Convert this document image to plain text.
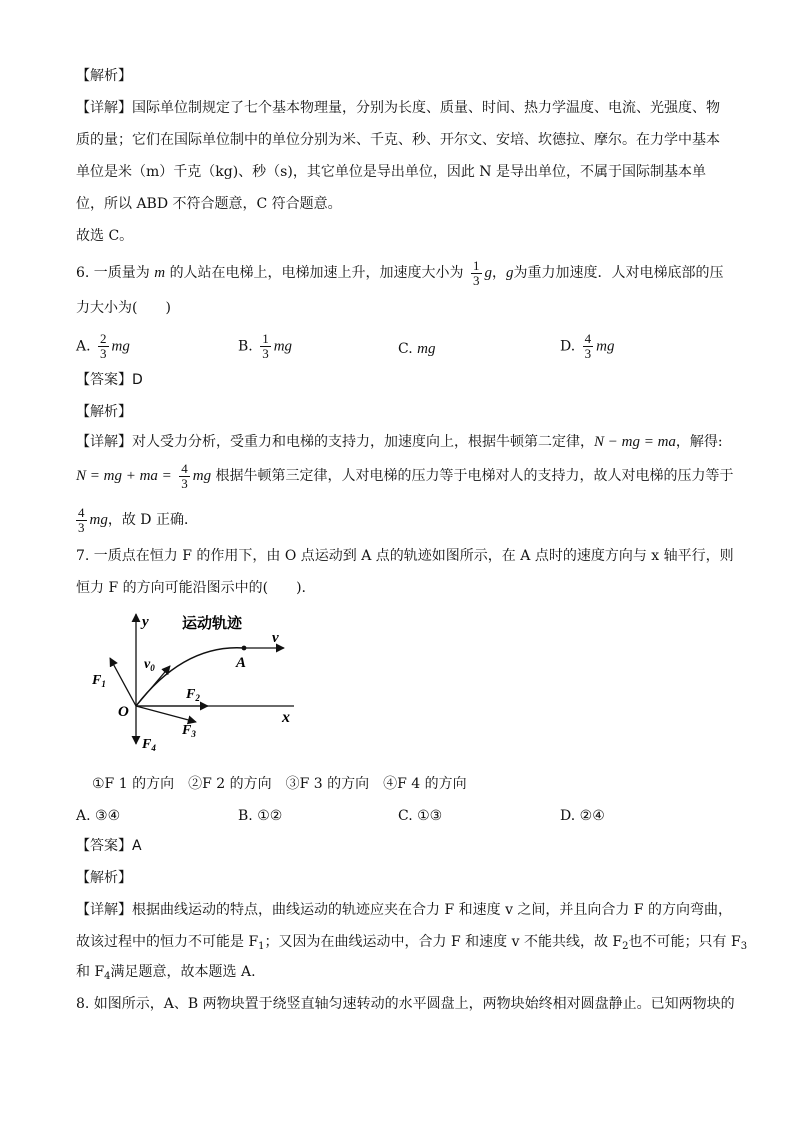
【解析】
【详解】国际单位制规定了七个基本物理量，分别为长度、质量、时间、热力学温度、电流、光强度、物
质的量；它们在国际单位制中的单位分别为米、千克、秒、开尔文、安培、坎德拉、摩尔。在力学中基本
单位是米（m）千克（kg)、秒（s)，其它单位是导出单位，因此 N 是导出单位，不属于国际制基本单
位，所以 ABD 不符合题意，C 符合题意。
故选 C。
6. 一质量为 m 的人站在电梯上，电梯加速上升，加速度大小为 $\frac{1}{3}$ g，g为重力加速度．人对电梯底部的压
力大小为(　　)
A. $\frac{2}{3}$ mg	B. $\frac{1}{3}$ mg	C. mg	D. $\frac{4}{3}$ mg
【答案】D
【解析】
【详解】对人受力分析，受重力和电梯的支持力，加速度向上，根据牛顿第二定律，N − mg = ma，解得:
N = mg + ma = $\frac{4}{3}$ mg 根据牛顿第三定律，人对电梯的压力等于电梯对人的支持力，故人对电梯的压力等于
$\frac{4}{3}$ mg，故 D 正确．
7. 一质点在恒力 F 的作用下，由 O 点运动到 A 点的轨迹如图所示，在 A 点时的速度方向与 x 轴平行，则
恒力 F 的方向可能沿图示中的(　　).
运动轨迹
y
x
O
A
v
$v_0$
$F_1$
$F_2$
$F_3$
$F_4$
①F 1 的方向　②F 2 的方向　③F 3 的方向　④F 4 的方向
A. ③④	B. ①②	C. ①③	D. ②④
【答案】A
【解析】
【详解】根据曲线运动的特点，曲线运动的轨迹应夹在合力 F 和速度 v 之间，并且向合力 F 的方向弯曲，
故该过程中的恒力不可能是 $F_1$；又因为在曲线运动中，合力 F 和速度 v 不能共线，故 $F_2$也不可能；只有 $F_3$
和 $F_4$满足题意，故本题选 A.
8. 如图所示，A、B 两物块置于绕竖直轴匀速转动的水平圆盘上，两物块始终相对圆盘静止。已知两物块的
